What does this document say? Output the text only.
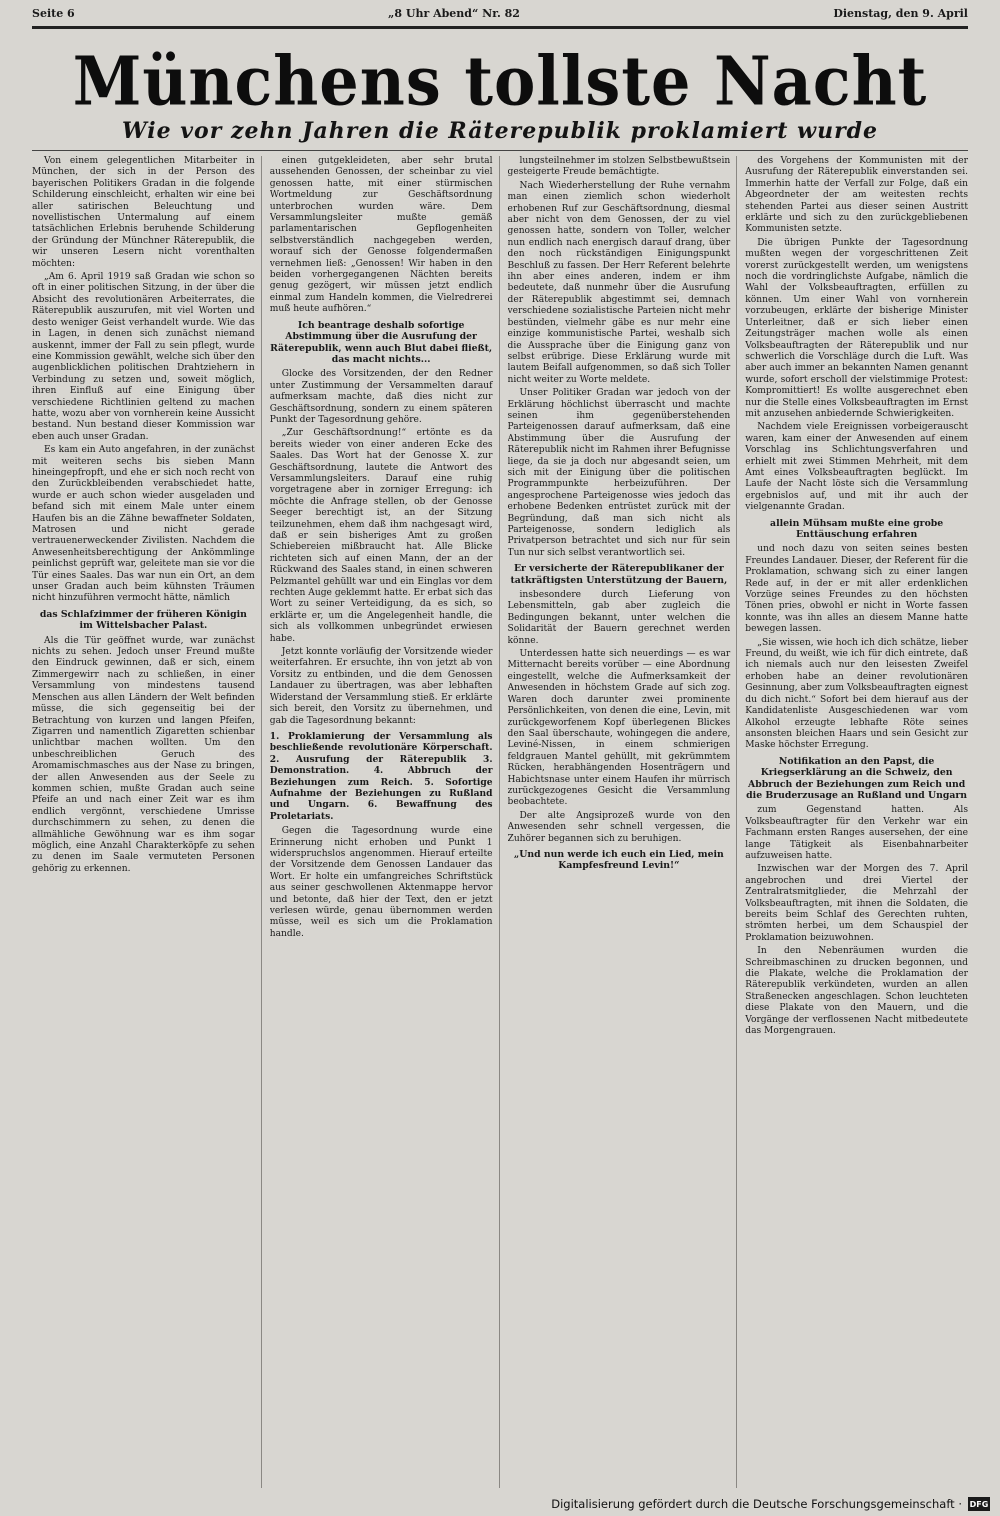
Seite 6	„8 Uhr Abend“ Nr. 82	Dienstag, den 9. April
Münchens tollste Nacht
Wie vor zehn Jahren die Räterepublik proklamiert wurde

Von einem gelegentlichen Mitarbeiter in München, der sich in der Person des bayerischen Politikers Gradan in die folgende Schilderung einschleicht, erhalten wir eine bei aller satirischen Beleuchtung und novellistischen Untermalung auf einem tatsächlichen Erlebnis beruhende Schilderung der Gründung der Münchner Räterepublik, die wir unseren Lesern nicht vorenthalten möchten:

„Am 6. April 1919 saß Gradan wie schon so oft in einer politischen Sitzung, in der über die Absicht des revolutionären Arbeiterrates, die Räterepublik auszurufen, mit viel Worten und desto weniger Geist verhandelt wurde. Wie das in Lagen, in denen sich zunächst niemand auskennt, immer der Fall zu sein pflegt, wurde eine Kommission gewählt, welche sich über den augenblicklichen politischen Drahtziehern in Verbindung zu setzen und, soweit möglich, ihren Einfluß auf eine Einigung über verschiedene Richtlinien geltend zu machen hatte, wozu aber von vornherein keine Aussicht bestand. Nun bestand dieser Kommission war eben auch unser Gradan.

Es kam ein Auto angefahren, in der zunächst mit weiteren sechs bis sieben Mann hineingepfropft, und ehe er sich noch recht von den Zurückbleibenden verabschiedet hatte, wurde er auch schon wieder ausgeladen und befand sich mit einem Male unter einem Haufen bis an die Zähne bewaffneter Soldaten, Matrosen und nicht gerade vertrauenerweckender Zivilisten. Nachdem die Anwesenheitsberechtigung der Ankömmlinge peinlichst geprüft war, geleitete man sie vor die Tür eines Saales. Das war nun ein Ort, an dem unser Gradan auch beim kühnsten Träumen nicht hinzuführen vermocht hätte, nämlich

das Schlafzimmer der früheren Königin im Wittelsbacher Palast.

Als die Tür geöffnet wurde, war zunächst nichts zu sehen. Jedoch unser Freund mußte den Eindruck gewinnen, daß er sich, einem Zimmergewirr nach zu schließen, in einer Versammlung von mindestens tausend Menschen aus allen Ländern der Welt befinden müsse, die sich gegenseitig bei der Betrachtung von kurzen und langen Pfeifen, Zigarren und namentlich Zigaretten schienbar unlichtbar machen wollten. Um den unbeschreiblichen Geruch des Aromamischmasches aus der Nase zu bringen, der allen Anwesenden aus der Seele zu kommen schien, mußte Gradan auch seine Pfeife an und nach einer Zeit war es ihm endlich vergönnt, verschiedene Umrisse durchschimmern zu sehen, zu denen die allmähliche Gewöhnung war es ihm sogar möglich, eine Anzahl Charakterköpfe zu sehen zu denen im Saale vermuteten Personen gehörig zu erkennen.

einen gutgekleideten, aber sehr brutal aussehenden Genossen, der scheinbar zu viel genossen hatte, mit einer stürmischen Wortmeldung zur Geschäftsordnung unterbrochen wurden wäre. Dem Versammlungsleiter mußte gemäß parlamentarischen Gepflogenheiten selbstverständlich nachgegeben werden, worauf sich der Genosse folgendermaßen vernehmen ließ: „Genossen! Wir haben in den beiden vorhergegangenen Nächten bereits genug gezögert, wir müssen jetzt endlich einmal zum Handeln kommen, die Vielredrerei muß heute aufhören.“

Ich beantrage deshalb sofortige Abstimmung über die Ausrufung der Räterepublik, wenn auch Blut dabei fließt, das macht nichts...

Glocke des Vorsitzenden, der den Redner unter Zustimmung der Versammelten darauf aufmerksam machte, daß dies nicht zur Geschäftsordnung, sondern zu einem späteren Punkt der Tagesordnung gehöre.

„Zur Geschäftsordnung!“ ertönte es da bereits wieder von einer anderen Ecke des Saales. Das Wort hat der Genosse X. zur Geschäftsordnung, lautete die Antwort des Versammlungsleiters. Darauf eine ruhig vorgetragene aber in zorniger Erregung: ich möchte die Anfrage stellen, ob der Genosse Seeger berechtigt ist, an der Sitzung teilzunehmen, ehem daß ihm nachgesagt wird, daß er sein bisheriges Amt zu großen Schiebereien mißbraucht hat. Alle Blicke richteten sich auf einen Mann, der an der Rückwand des Saales stand, in einen schweren Pelzmantel gehüllt war und ein Einglas vor dem rechten Auge geklemmt hatte. Er erbat sich das Wort zu seiner Verteidigung, da es sich, so erklärte er, um die Angelegenheit handle, die sich als vollkommen unbegründet erwiesen habe.

Jetzt konnte vorläufig der Vorsitzende wieder weiterfahren. Er ersuchte, ihn von jetzt ab von Vorsitz zu entbinden, und die dem Genossen Landauer zu übertragen, was aber lebhaften Widerstand der Versammlung stieß. Er erklärte sich bereit, den Vorsitz zu übernehmen, und gab die Tagesordnung bekannt:

1. Proklamierung der Versammlung als beschließende revolutionäre Körperschaft. 2. Ausrufung der Räterepublik 3. Demonstration. 4. Abbruch der Beziehungen zum Reich. 5. Sofortige Aufnahme der Beziehungen zu Rußland und Ungarn. 6. Bewaffnung des Proletariats.

Gegen die Tagesordnung wurde eine Erinnerung nicht erhoben und Punkt 1 widerspruchslos angenommen. Hierauf erteilte der Vorsitzende dem Genossen Landauer das Wort. Er holte ein umfangreiches Schriftstück aus seiner geschwollenen Aktenmappe hervor und betonte, daß hier der Text, den er jetzt verlesen würde, genau übernommen werden müsse, weil es sich um die Proklamation handle.

lungsteilnehmer im stolzen Selbstbewußtsein gesteigerte Freude bemächtigte.

Nach Wiederherstellung der Ruhe vernahm man einen ziemlich schon wiederholt erhobenen Ruf zur Geschäftsordnung, diesmal aber nicht von dem Genossen, der zu viel genossen hatte, sondern von Toller, welcher nun endlich nach energisch darauf drang, über den noch rückständigen Einigungspunkt Beschluß zu fassen. Der Herr Referent belehrte ihn aber eines anderen, indem er ihm bedeutete, daß nunmehr über die Ausrufung der Räterepublik abgestimmt sei, demnach verschiedene sozialistische Parteien nicht mehr bestünden, vielmehr gäbe es nur mehr eine einzige kommunistische Partei, weshalb sich die Aussprache über die Einigung ganz von selbst erübrige. Diese Erklärung wurde mit lautem Beifall aufgenommen, so daß sich Toller nicht weiter zu Worte meldete.

Unser Politiker Gradan war jedoch von der Erklärung höchlichst überrascht und machte seinen ihm gegenüberstehenden Parteigenossen darauf aufmerksam, daß eine Abstimmung über die Ausrufung der Räterepublik nicht im Rahmen ihrer Befugnisse liege, da sie ja doch nur abgesandt seien, um sich mit der Einigung über die politischen Programmpunkte herbeizuführen. Der angesprochene Parteigenosse wies jedoch das erhobene Bedenken entrüstet zurück mit der Begründung, daß man sich nicht als Parteigenosse, sondern lediglich als Privatperson betrachtet und sich nur für sein Tun nur sich selbst verantwortlich sei.

Er versicherte der Räterepublikaner der tatkräftigsten Unterstützung der Bauern,

insbesondere durch Lieferung von Lebensmitteln, gab aber zugleich die Bedingungen bekannt, unter welchen die Solidarität der Bauern gerechnet werden könne.

Unterdessen hatte sich neuerdings — es war Mitternacht bereits vorüber — eine Abordnung eingestellt, welche die Aufmerksamkeit der Anwesenden in höchstem Grade auf sich zog. Waren doch darunter zwei prominente Persönlichkeiten, von denen die eine, Levin, mit zurückgeworfenem Kopf überlegenen Blickes den Saal überschaute, wohingegen die andere, Leviné-Nissen, in einem schmierigen feldgrauen Mantel gehüllt, mit gekrümmtem Rücken, herabhängenden Hosenträgern und Habichtsnase unter einem Haufen ihr mürrisch zurückgezogenes Gesicht die Versammlung beobachtete.

Der alte Angsiprozeß wurde von den Anwesenden sehr schnell vergessen, die Zuhörer begannen sich zu beruhigen.

„Und nun werde ich euch ein Lied, mein Kampfesfreund Levin!“

des Vorgehens der Kommunisten mit der Ausrufung der Räterepublik einverstanden sei. Immerhin hatte der Verfall zur Folge, daß ein Abgeordneter der am weitesten rechts stehenden Partei aus dieser seinen Austritt erklärte und sich zu den zurückgebliebenen Kommunisten setzte.

Die übrigen Punkte der Tagesordnung mußten wegen der vorgeschrittenen Zeit vorerst zurückgestellt werden, um wenigstens noch die vordringlichste Aufgabe, nämlich die Wahl der Volksbeauftragten, erfüllen zu können. Um einer Wahl von vornherein vorzubeugen, erklärte der bisherige Minister Unterleitner, daß er sich lieber einen Zeitungsträger machen wolle als einen Volksbeauftragten der Räterepublik und nur schwerlich die Vorschläge durch die Luft. Was aber auch immer an bekannten Namen genannt wurde, sofort erscholl der vielstimmige Protest: Kompromittiert! Es wollte ausgerechnet eben nur die Stelle eines Volksbeauftragten im Ernst mit anzusehen anbiedernde Schwierigkeiten.

Nachdem viele Ereignissen vorbeigerauscht waren, kam einer der Anwesenden auf einem Vorschlag ins Schlichtungsverfahren und erhielt mit zwei Stimmen Mehrheit, mit dem Amt eines Volksbeauftragten beglückt. Im Laufe der Nacht löste sich die Versammlung ergebnislos auf, und mit ihr auch der vielgenannte Gradan.

allein Mühsam mußte eine grobe Enttäuschung erfahren

und noch dazu von seiten seines besten Freundes Landauer. Dieser, der Referent für die Proklamation, schwang sich zu einer langen Rede auf, in der er mit aller erdenklichen Vorzüge seines Freundes zu den höchsten Tönen pries, obwohl er nicht in Worte fassen konnte, was ihn alles an diesem Manne hatte bewegen lassen.

„Sie wissen, wie hoch ich dich schätze, lieber Freund, du weißt, wie ich für dich eintrete, daß ich niemals auch nur den leisesten Zweifel erhoben habe an deiner revolutionären Gesinnung, aber zum Volksbeauftragten eignest du dich nicht.“ Sofort bei dem hierauf aus der Kandidatenliste Ausgeschiedenen war vom Alkohol erzeugte lebhafte Röte seines ansonsten bleichen Haars und sein Gesicht zur Maske höchster Erregung.

Notifikation an den Papst, die Kriegserklärung an die Schweiz, den Abbruch der Beziehungen zum Reich und die Bruderzusage an Rußland und Ungarn

zum Gegenstand hatten. Als Volksbeauftragter für den Verkehr war ein Fachmann ersten Ranges ausersehen, der eine lange Tätigkeit als Eisenbahnarbeiter aufzuweisen hatte.

Inzwischen war der Morgen des 7. April angebrochen und drei Viertel der Zentralratsmitglieder, die Mehrzahl der Volksbeauftragten, mit ihnen die Soldaten, die bereits beim Schlaf des Gerechten ruhten, strömten herbei, um dem Schauspiel der Proklamation beizuwohnen.

In den Nebenräumen wurden die Schreibmaschinen zu drucken begonnen, und die Plakate, welche die Proklamation der Räterepublik verkündeten, wurden an allen Straßenecken angeschlagen. Schon leuchteten diese Plakate von den Mauern, und die Vorgänge der verflossenen Nacht mitbedeutete das Morgengrauen.

Digitalisierung gefördert durch die Deutsche Forschungsgemeinschaft · DFG
